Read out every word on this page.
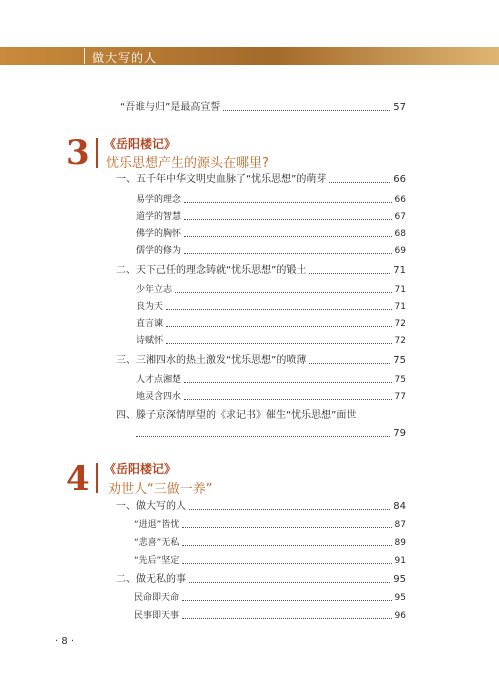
做大写的人
“吾谁与归”是最高宣誓	57
3 《岳阳楼记》
忧乐思想产生的源头在哪里?
一、五千年中华文明史血脉了“忧乐思想”的萌芽	66
易学的理念	66
道学的智慧	67
佛学的胸怀	68
儒学的修为	69
二、天下己任的理念铸就“忧乐思想”的锻土	71
少年立志	71
良为天	71
直言谏	72
诗赋怀	72
三、三湘四水的热土激发“忧乐思想”的喷薄	75
人才点湘楚	75
地灵含四水	77
四、滕子京深情厚望的《求记书》催生“忧乐思想”面世
79
4 《岳阳楼记》
劝世人“三做一养”
一、做大写的人	84
“进退”皆忧	87
“悲喜”无私	89
“先后”坚定	91
二、做无私的事	95
民命即天命	95
民事即天事	96
· 8 ·
